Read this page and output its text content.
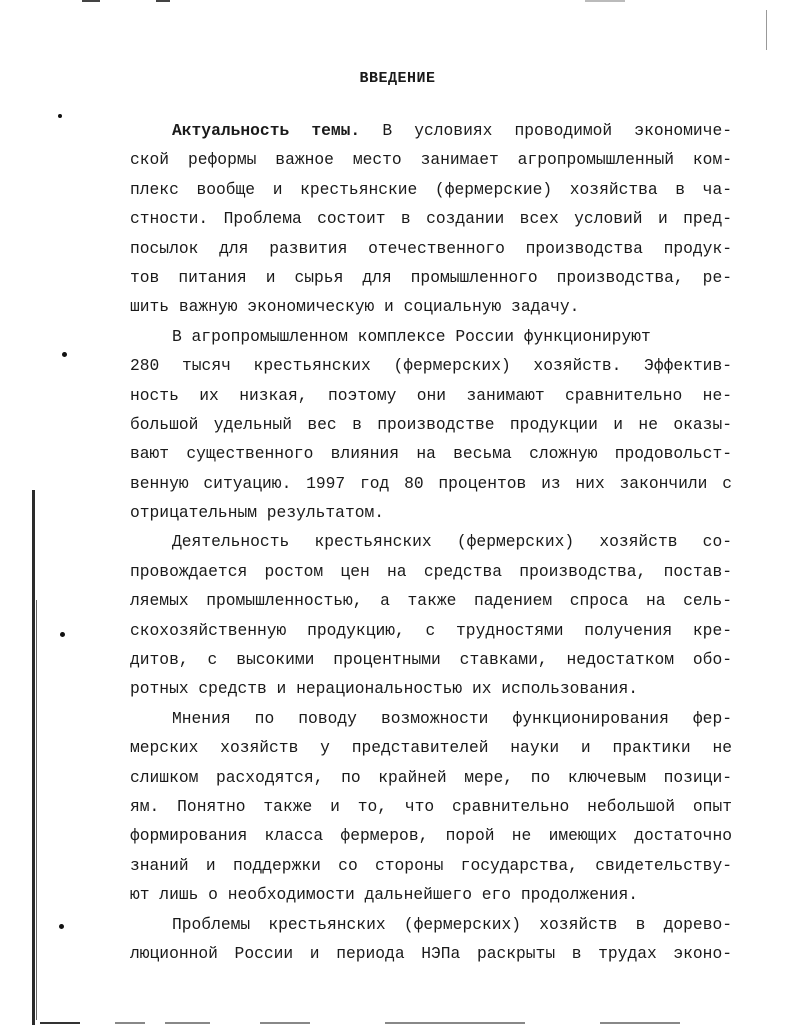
ВВЕДЕНИЕ
Актуальность темы. В условиях проводимой экономиче-
ской реформы важное место занимает агропромышленный ком-
плекс вообще и крестьянские (фермерские) хозяйства в ча-
стности. Проблема состоит в создании всех условий и пред-
посылок для развития отечественного производства продук-
тов питания и сырья для промышленного производства, ре-
шить важную экономическую и социальную задачу.
В агропромышленном комплексе России функционируют
280 тысяч крестьянских (фермерских) хозяйств. Эффектив-
ность их низкая, поэтому они занимают сравнительно не-
большой удельный вес в производстве продукции и не оказы-
вают существенного влияния на весьма сложную продовольст-
венную ситуацию. 1997 год 80 процентов из них закончили с
отрицательным результатом.
Деятельность крестьянских (фермерских) хозяйств со-
провождается ростом цен на средства производства, постав-
ляемых промышленностью, а также падением спроса на сель-
скохозяйственную продукцию, с трудностями получения кре-
дитов, с высокими процентными ставками, недостатком обо-
ротных средств и нерациональностью их использования.
Мнения по поводу возможности функционирования фер-
мерских хозяйств у представителей науки и практики не
слишком расходятся, по крайней мере, по ключевым позици-
ям. Понятно также и то, что сравнительно небольшой опыт
формирования класса фермеров, порой не имеющих достаточно
знаний и поддержки со стороны государства, свидетельству-
ют лишь о необходимости дальнейшего его продолжения.
Проблемы крестьянских (фермерских) хозяйств в дорево-
люционной России и периода НЭПа раскрыты в трудах эконо-
